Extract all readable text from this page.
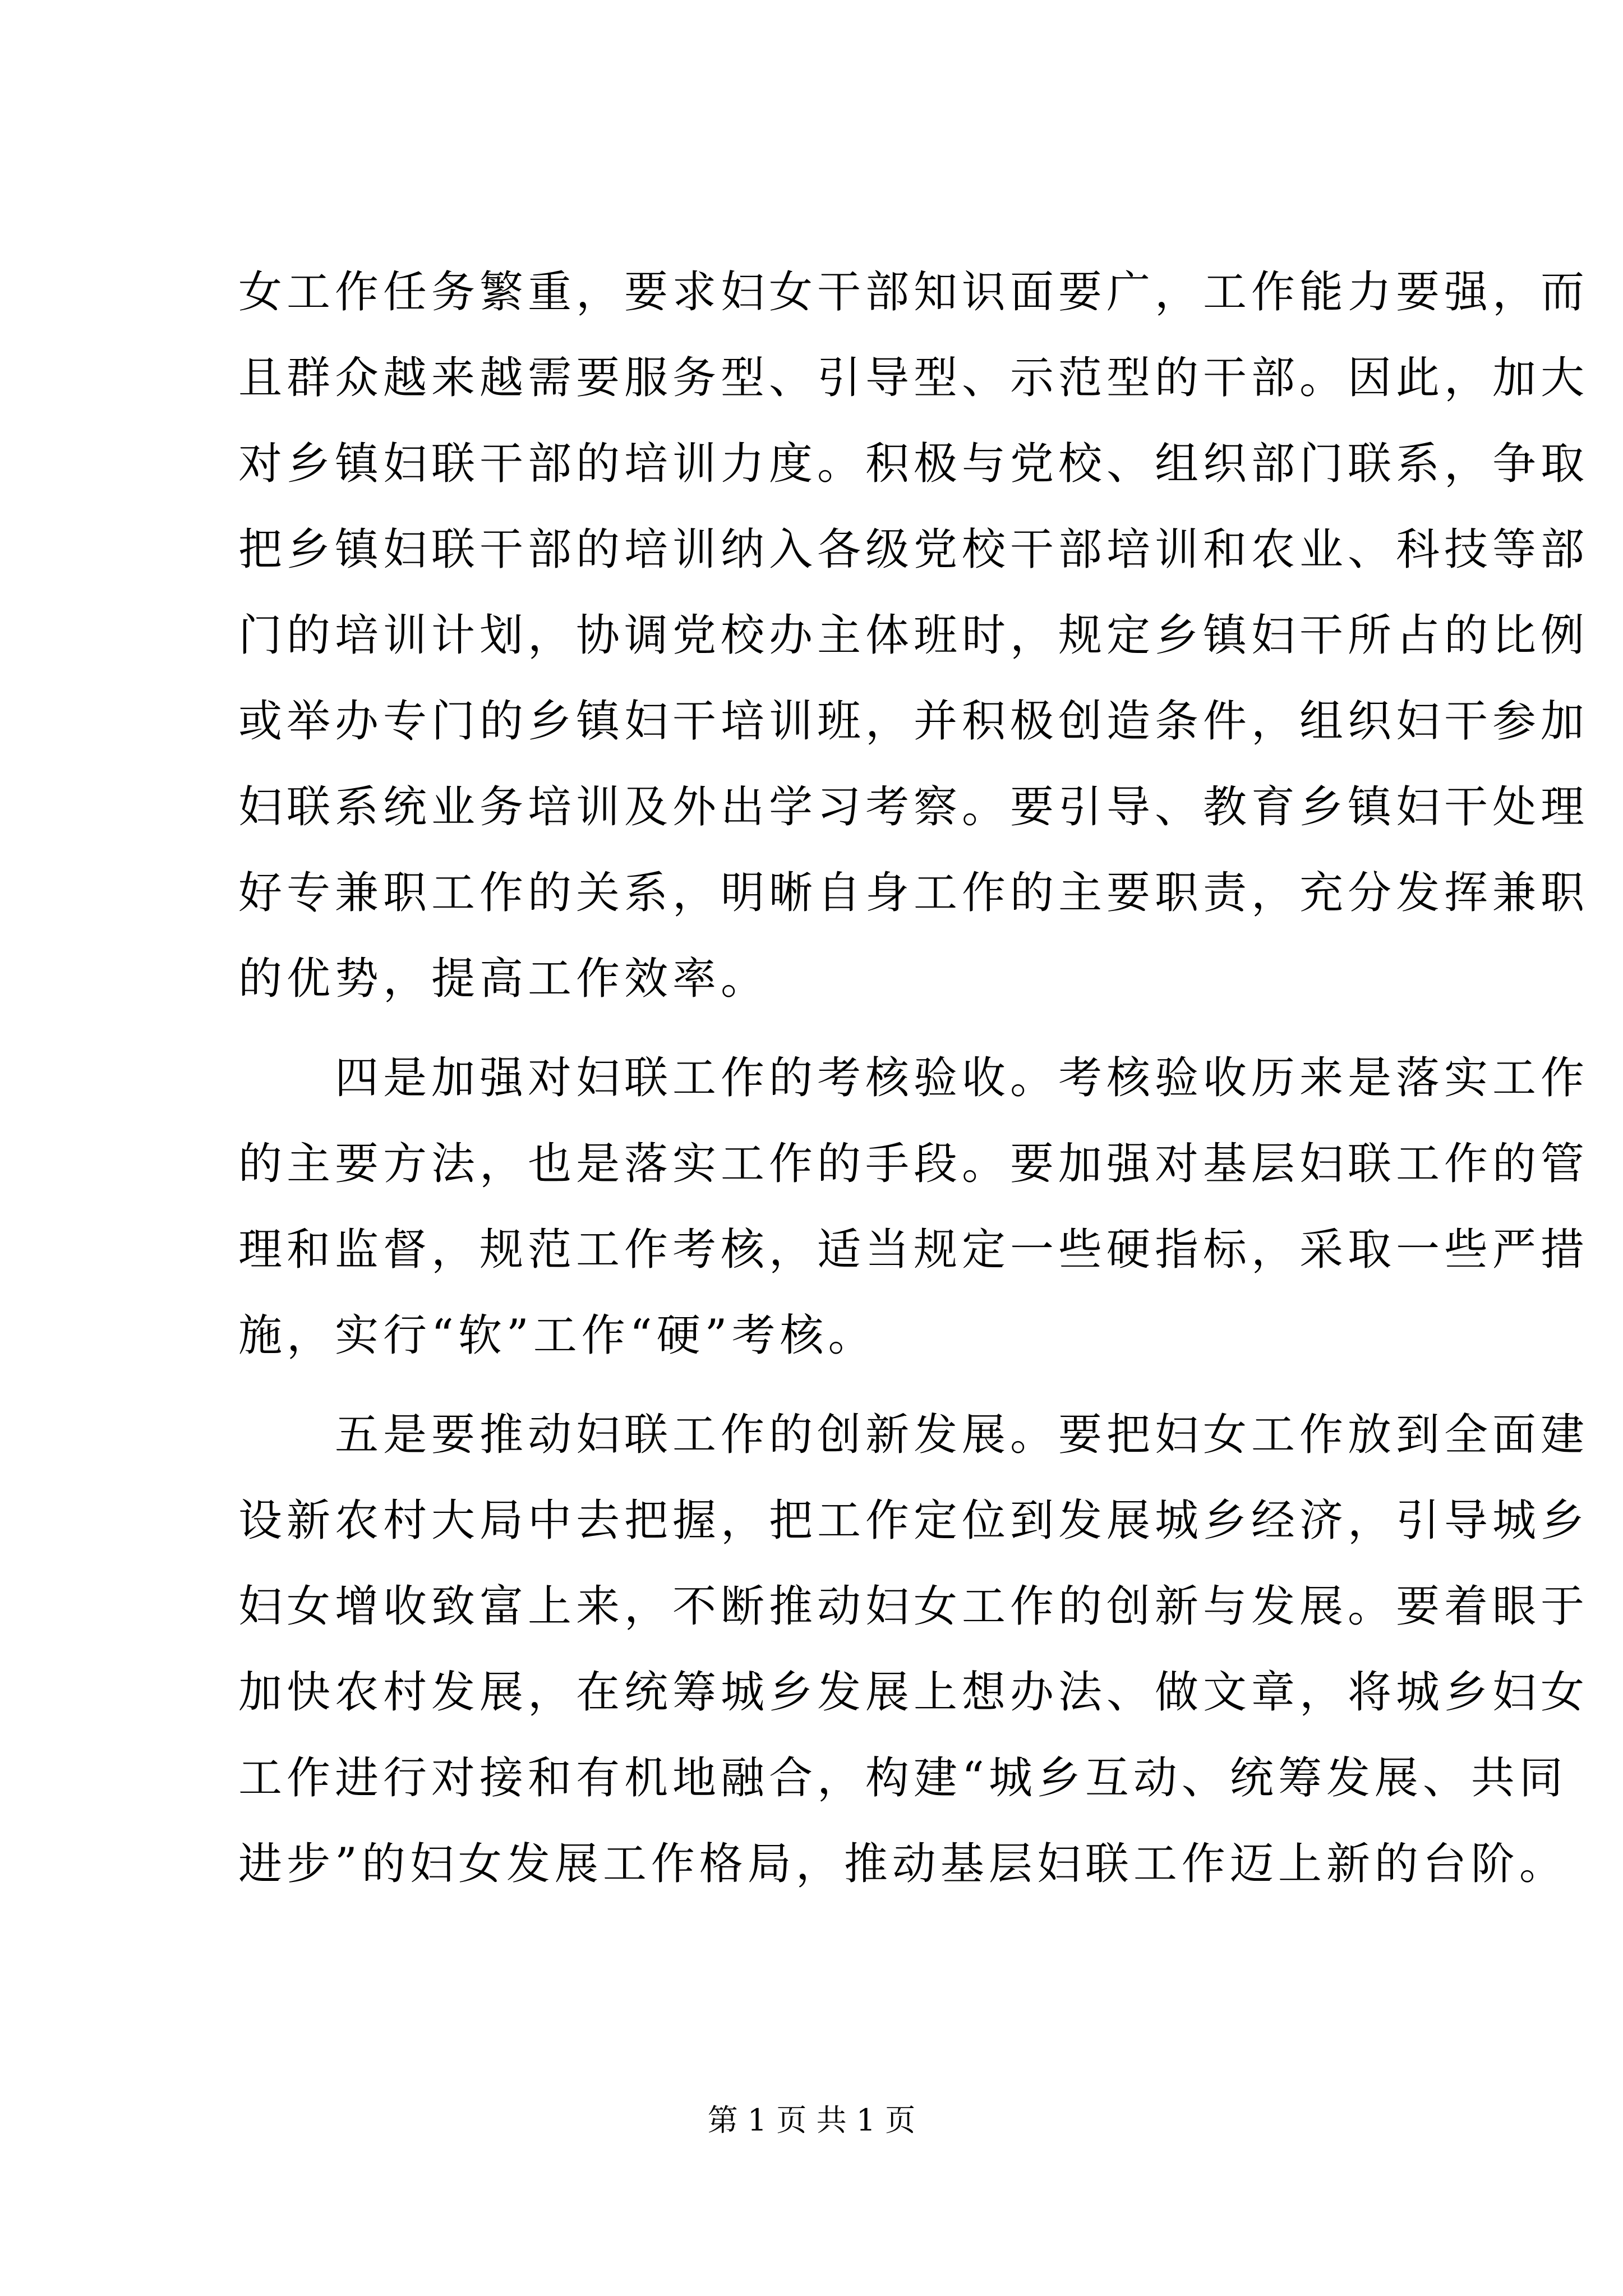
女工作任务繁重，要求妇女干部知识面要广，工作能力要强，而
且群众越来越需要服务型、引导型、示范型的干部。因此，加大
对乡镇妇联干部的培训力度。积极与党校、组织部门联系，争取
把乡镇妇联干部的培训纳入各级党校干部培训和农业、科技等部
门的培训计划，协调党校办主体班时，规定乡镇妇干所占的比例
或举办专门的乡镇妇干培训班，并积极创造条件，组织妇干参加
妇联系统业务培训及外出学习考察。要引导、教育乡镇妇干处理
好专兼职工作的关系，明晰自身工作的主要职责，充分发挥兼职
的优势，提高工作效率。
四是加强对妇联工作的考核验收。考核验收历来是落实工作
的主要方法，也是落实工作的手段。要加强对基层妇联工作的管
理和监督，规范工作考核，适当规定一些硬指标，采取一些严措
施，实行“软”工作“硬”考核。
五是要推动妇联工作的创新发展。要把妇女工作放到全面建
设新农村大局中去把握，把工作定位到发展城乡经济，引导城乡
妇女增收致富上来，不断推动妇女工作的创新与发展。要着眼于
加快农村发展，在统筹城乡发展上想办法、做文章，将城乡妇女
工作进行对接和有机地融合，构建“城乡互动、统筹发展、共同
进步”的妇女发展工作格局，推动基层妇联工作迈上新的台阶。
第 1 页 共 1 页
